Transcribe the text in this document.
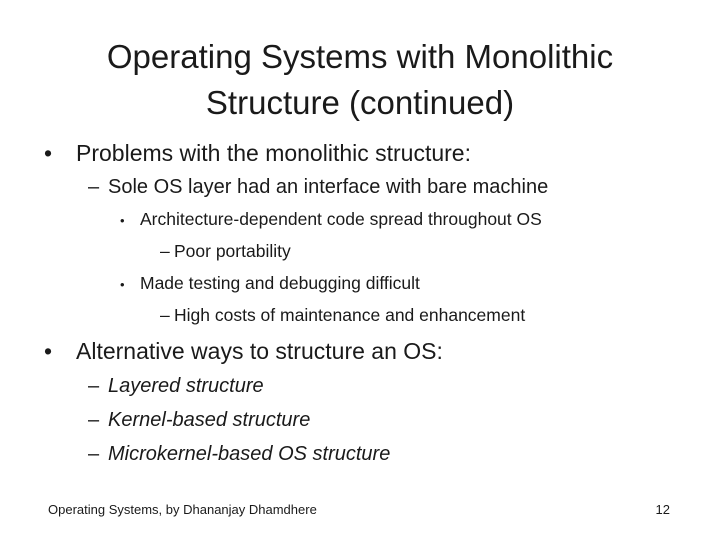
Operating Systems with Monolithic
Structure (continued)
• Problems with the monolithic structure:
– Sole OS layer had an interface with bare machine
• Architecture-dependent code spread throughout OS
– Poor portability
• Made testing and debugging difficult
– High costs of maintenance and enhancement
• Alternative ways to structure an OS:
– Layered structure
– Kernel-based structure
– Microkernel-based OS structure
Operating Systems, by Dhananjay Dhamdhere	12
